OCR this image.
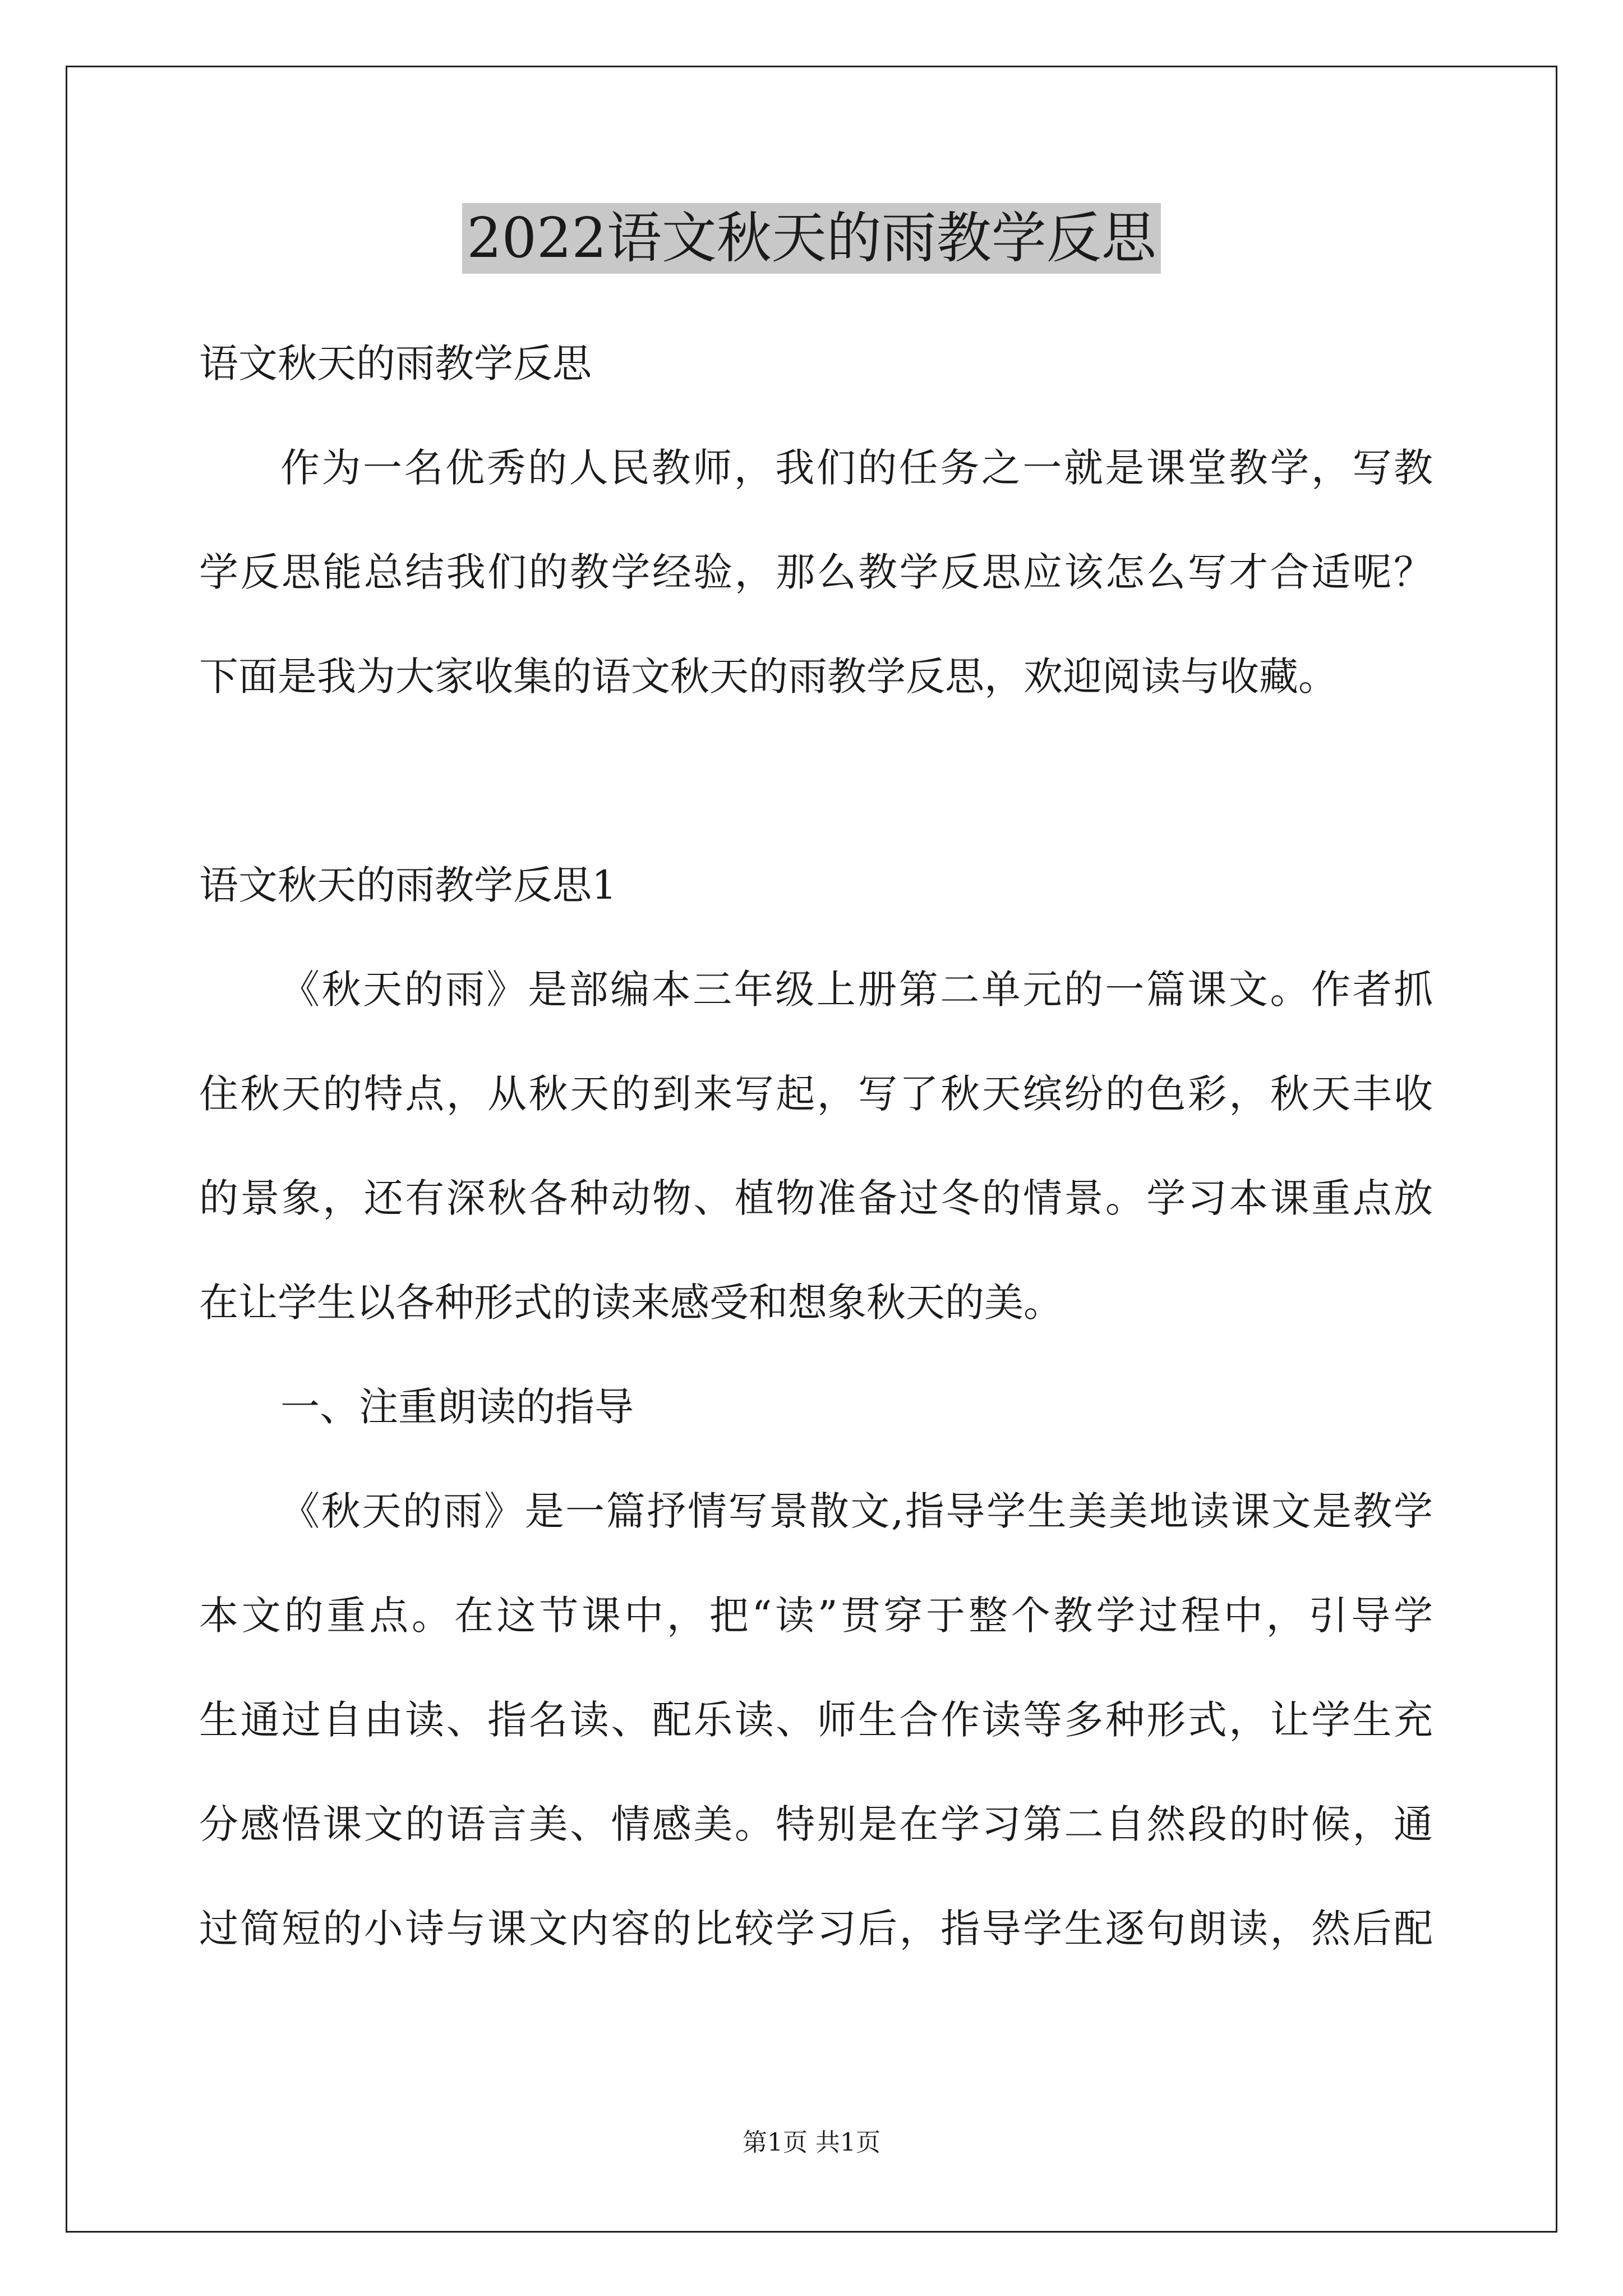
2022语文秋天的雨教学反思
语文秋天的雨教学反思
作为一名优秀的人民教师，我们的任务之一就是课堂教学，写教
学反思能总结我们的教学经验，那么教学反思应该怎么写才合适呢？
下面是我为大家收集的语文秋天的雨教学反思，欢迎阅读与收藏。
语文秋天的雨教学反思1
《秋天的雨》是部编本三年级上册第二单元的一篇课文。作者抓
住秋天的特点，从秋天的到来写起，写了秋天缤纷的色彩，秋天丰收
的景象，还有深秋各种动物、植物准备过冬的情景。学习本课重点放
在让学生以各种形式的读来感受和想象秋天的美。
一、注重朗读的指导
《秋天的雨》是一篇抒情写景散文,指导学生美美地读课文是教学
本文的重点。在这节课中，把“读”贯穿于整个教学过程中，引导学
生通过自由读、指名读、配乐读、师生合作读等多种形式，让学生充
分感悟课文的语言美、情感美。特别是在学习第二自然段的时候，通
过简短的小诗与课文内容的比较学习后，指导学生逐句朗读，然后配
第1页 共1页
